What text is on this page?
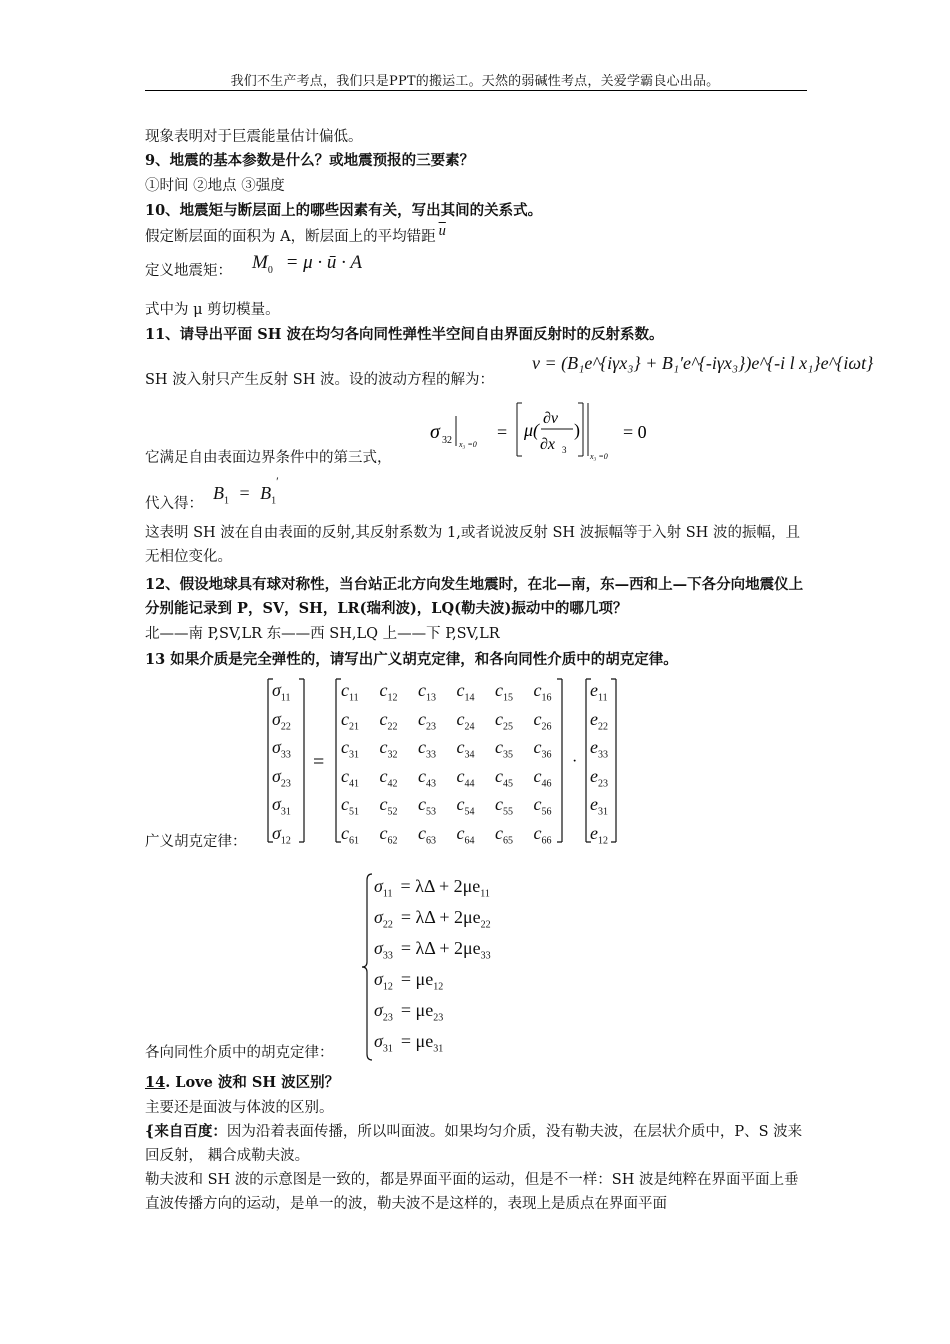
我们不生产考点，我们只是PPT的搬运工。天然的弱碱性考点，关爱学霸良心出品。
现象表明对于巨震能量估计偏低。
9、地震的基本参数是什么？或地震预报的三要素？
①时间 ②地点 ③强度
10、地震矩与断层面上的哪些因素有关，写出其间的关系式。
假定断层面的面积为 A，断层面上的平均错距 $\overline{u}$
定义地震矩： $M_0 = \mu$ · ū · A
式中为 μ 剪切模量。
11、请导出平面 SH 波在均匀各向同性弹性半空间自由界面反射时的反射系数。
SH 波入射只产生反射 SH 波。设的波动方程的解为：
v = (B₁e^{iγx₃} + B₁′e^{-iγx₃})e^{-i l x₁}e^{iωt}
σ 32 x₃ =0
= μ(
∂v
∂x 3
)
x₃ =0
= 0
它满足自由表面边界条件中的第三式，
代入得：
$B_1 = B_1'$
这表明 SH 波在自由表面的反射,其反射系数为 1,或者说波反射 SH 波振幅等于入射 SH 波的振幅，且无相位变化。
12、假设地球具有球对称性，当台站正北方向发生地震时，在北—南，东—西和上—下各分向地震仪上分别能记录到 P，SV，SH，LR(瑞利波)，LQ(勒夫波)振动中的哪几项？
北——南 P,SV,LR 东——西 SH,LQ 上——下 P,SV,LR
13 如果介质是完全弹性的，请写出广义胡克定律，和各向同性介质中的胡克定律。
广义胡克定律：
=	·
$\sigma_{11}$
$\sigma_{22}$
$\sigma_{33}$
$\sigma_{23}$
$\sigma_{31}$
$\sigma_{12}$
$c_{11}$ $c_{12}$ $c_{13}$ $c_{14}$ $c_{15}$ $c_{16}$
$c_{21}$ $c_{22}$ $c_{23}$ $c_{24}$ $c_{25}$ $c_{26}$
$c_{31}$ $c_{32}$ $c_{33}$ $c_{34}$ $c_{35}$ $c_{36}$
$c_{41}$ $c_{42}$ $c_{43}$ $c_{44}$ $c_{45}$ $c_{46}$
$c_{51}$ $c_{52}$ $c_{53}$ $c_{54}$ $c_{55}$ $c_{56}$
$c_{61}$ $c_{62}$ $c_{63}$ $c_{64}$ $c_{65}$ $c_{66}$
$e_{11}$
$e_{22}$
$e_{33}$
$e_{23}$
$e_{31}$
$e_{12}$
$\sigma_{11} = \lambda\Delta + 2\mu e_{11}$
$\sigma_{22} = \lambda\Delta + 2\mu e_{22}$
$\sigma_{33} = \lambda\Delta + 2\mu e_{33}$
$\sigma_{12} = \mu e_{12}$
$\sigma_{23} = \mu e_{23}$
$\sigma_{31} = \mu e_{31}$
各向同性介质中的胡克定律：
14. Love 波和 SH 波区别？
主要还是面波与体波的区别。
{来自百度：因为沿着表面传播，所以叫面波。如果均匀介质，没有勒夫波，在层状介质中，P、S 波来回反射， 耦合成勒夫波。
勒夫波和 SH 波的示意图是一致的，都是界面平面的运动，但是不一样：SH 波是纯粹在界面平面上垂直波传播方向的运动，是单一的波，勒夫波不是这样的，表现上是质点在界面平面
